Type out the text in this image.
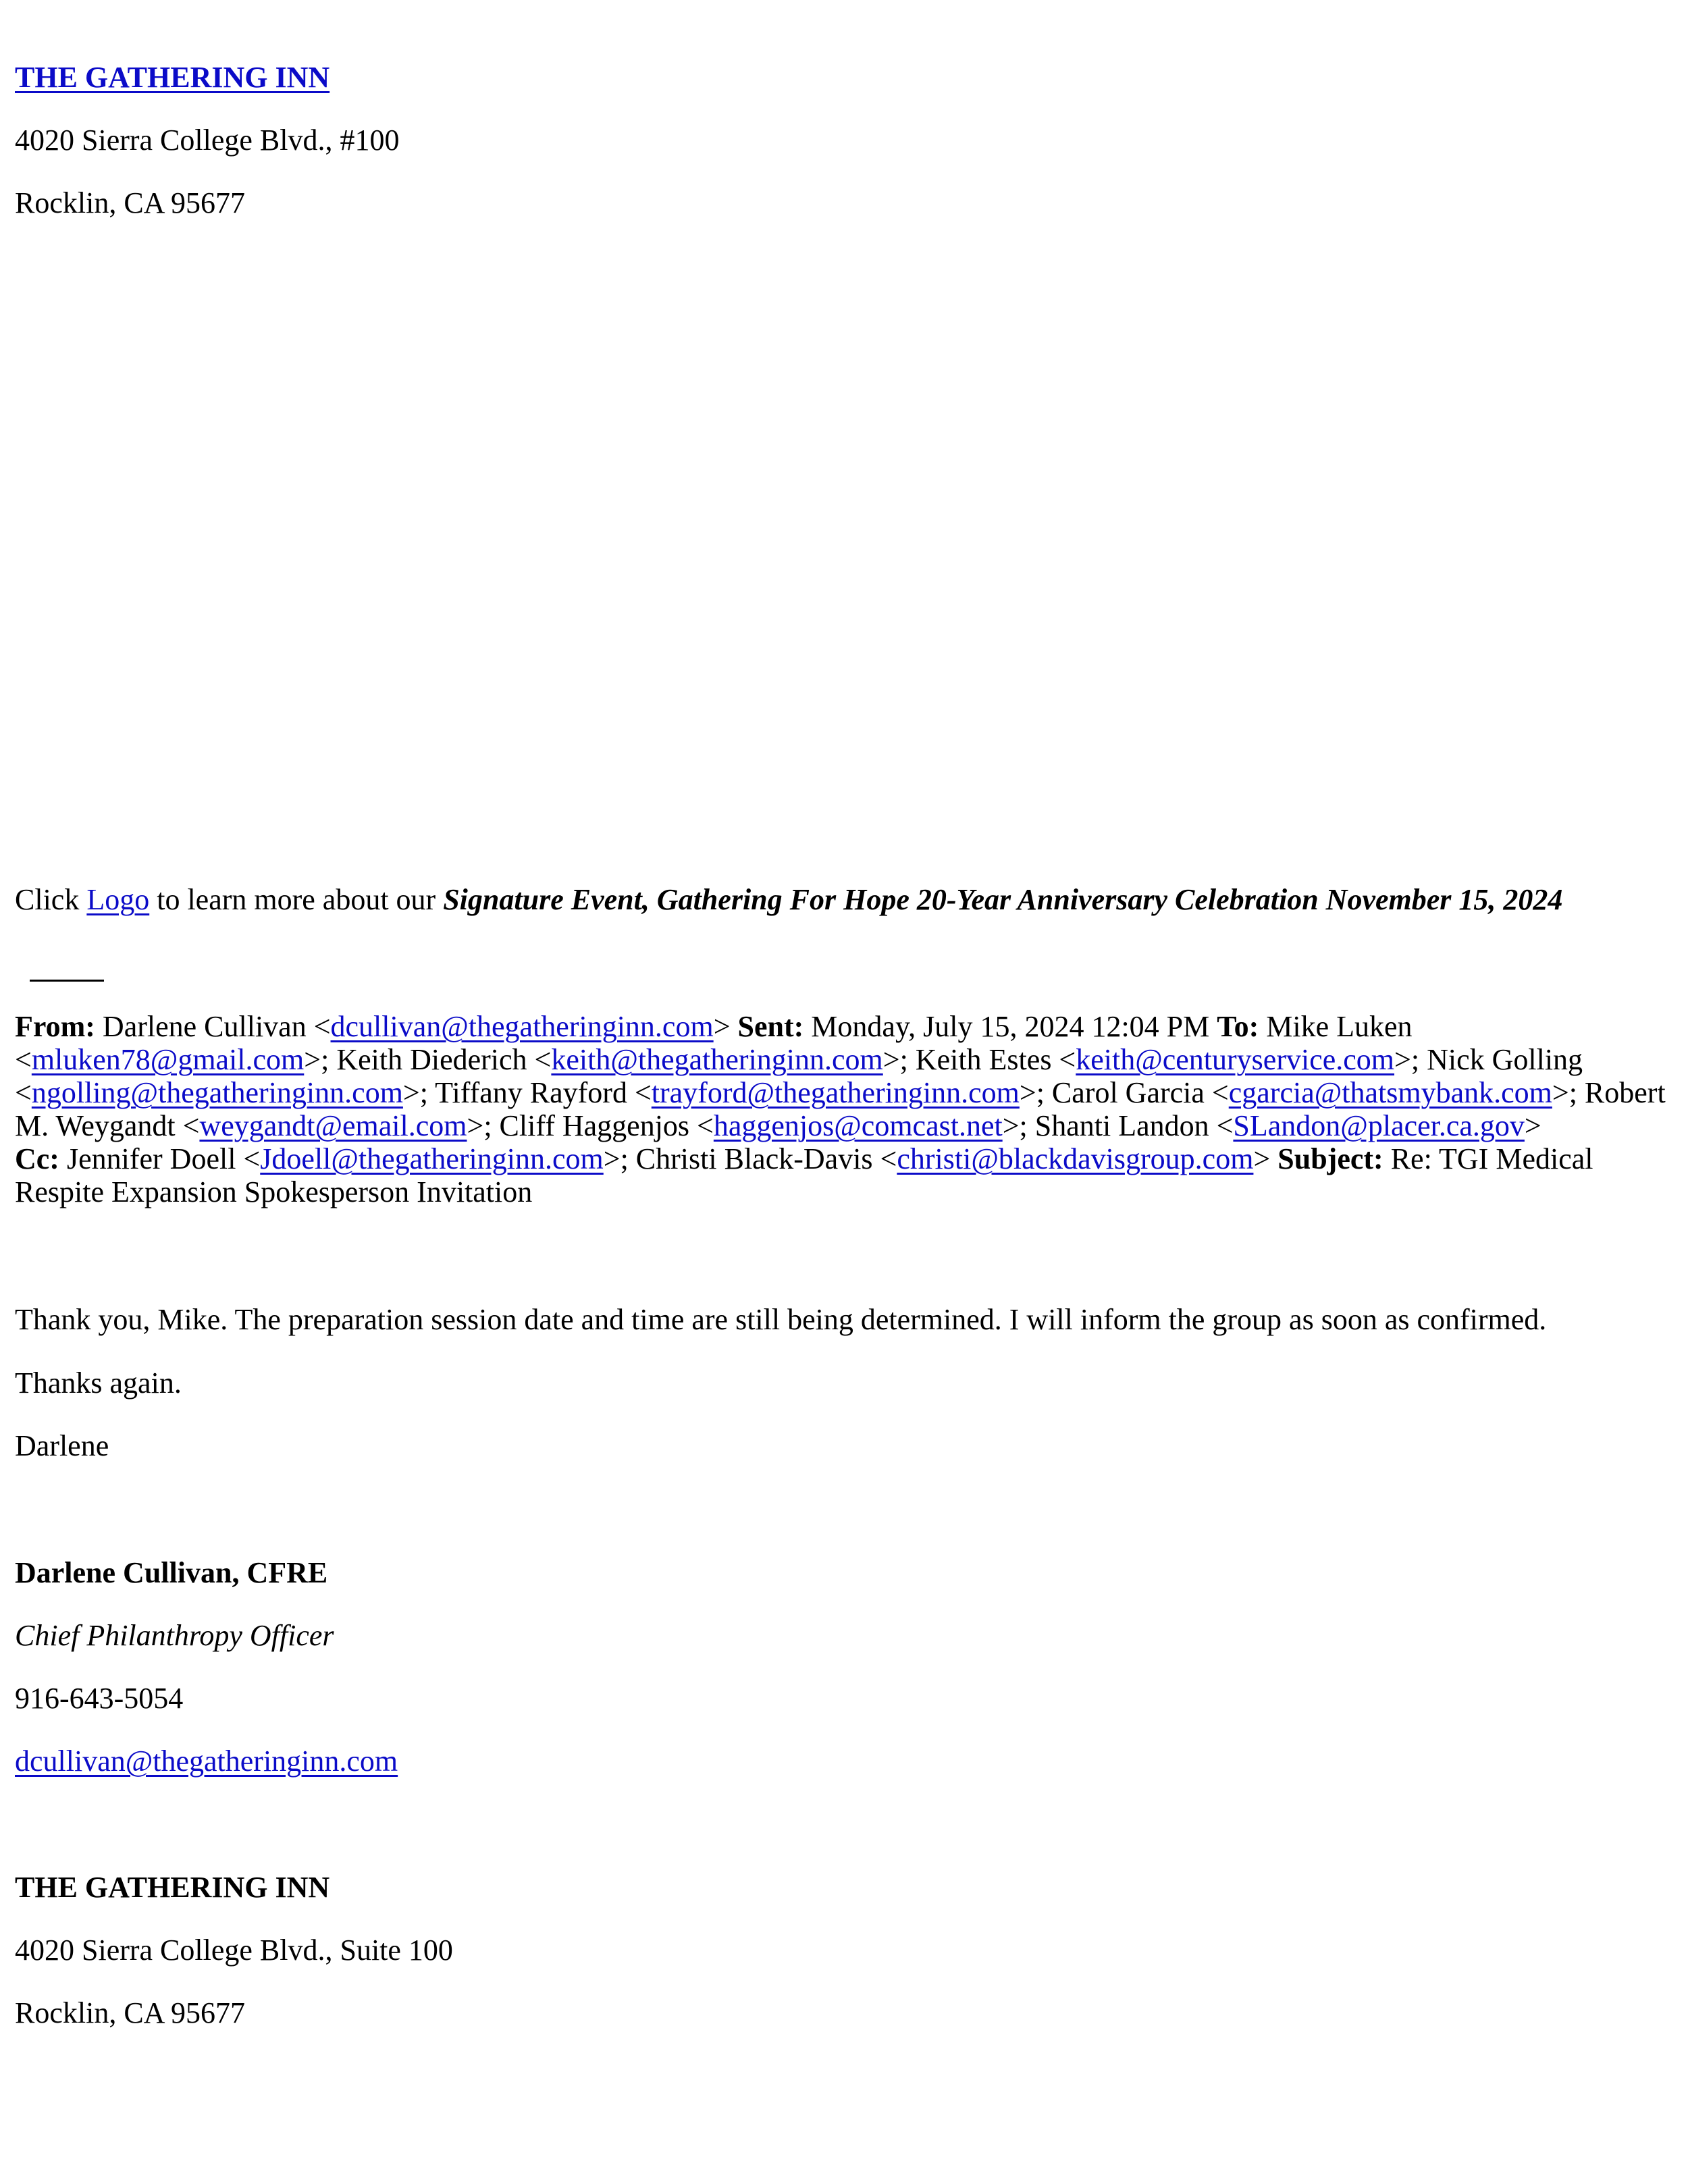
THE GATHERING INN
4020 Sierra College Blvd., #100
Rocklin, CA 95677
Click Logo to learn more about our Signature Event, Gathering For Hope 20-Year Anniversary Celebration November 15, 2024
From: Darlene Cullivan <dcullivan@thegatheringinn.com> Sent: Monday, July 15, 2024 12:04 PM To: Mike Luken
<mluken78@gmail.com>; Keith Diederich <keith@thegatheringinn.com>; Keith Estes <keith@centuryservice.com>; Nick Golling
<ngolling@thegatheringinn.com>; Tiffany Rayford <trayford@thegatheringinn.com>; Carol Garcia <cgarcia@thatsmybank.com>; Robert
M. Weygandt <weygandt@email.com>; Cliff Haggenjos <haggenjos@comcast.net>; Shanti Landon <SLandon@placer.ca.gov>
Cc: Jennifer Doell <Jdoell@thegatheringinn.com>; Christi Black-Davis <christi@blackdavisgroup.com> Subject: Re: TGI Medical
Respite Expansion Spokesperson Invitation
Thank you, Mike. The preparation session date and time are still being determined. I will inform the group as soon as confirmed.
Thanks again.
Darlene
Darlene Cullivan, CFRE
Chief Philanthropy Officer
916-643-5054
dcullivan@thegatheringinn.com
THE GATHERING INN
4020 Sierra College Blvd., Suite 100
Rocklin, CA 95677
